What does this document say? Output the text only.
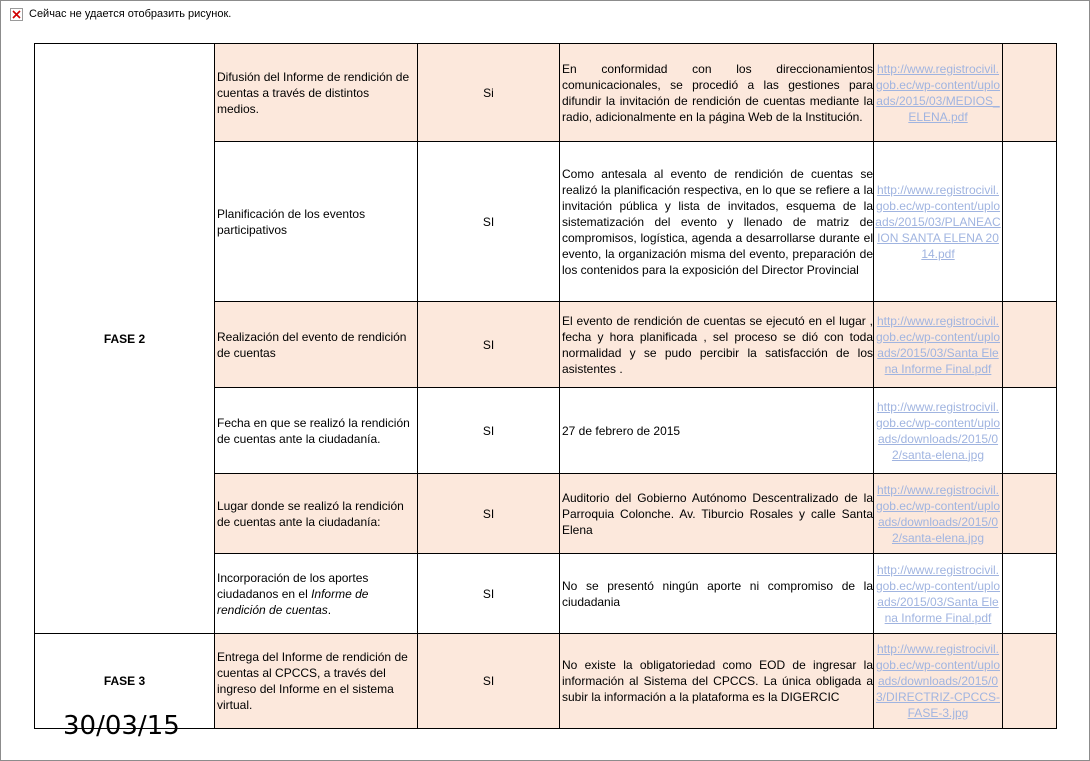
Сейчас не удается отобразить рисунок.
FASE 2	Difusión del Informe de rendición de cuentas a través de distintos medios.	Si	En conformidad con los direccionamientos comunicacionales, se procedió a las gestiones para difundir la invitación de rendición de cuentas mediante la radio, adicionalmente en la página Web de la Institución.	http://www.registrocivil.gob.ec/wp-content/uploads/2015/03/MEDIOS_ELENA.pdf	
	Planificación de los eventos participativos	SI	Como antesala al evento de rendición de cuentas se realizó la planificación respectiva, en lo que se refiere a la invitación pública y lista de invitados, esquema de la sistematización del evento y llenado de matriz de compromisos, logística, agenda a desarrollarse durante el evento, la organización misma del evento, preparación de los contenidos para la exposición del Director Provincial	http://www.registrocivil.gob.ec/wp-content/uploads/2015/03/PLANEACION SANTA ELENA 2014.pdf	
	Realización del evento de rendición de cuentas	SI	El evento de rendición de cuentas se ejecutó en el lugar , fecha y hora planificada , sel proceso se dió con toda normalidad y se pudo percibir la satisfacción de los asistentes .	http://www.registrocivil.gob.ec/wp-content/uploads/2015/03/Santa Elena Informe Final.pdf	
	Fecha en que se realizó la rendición de cuentas ante la ciudadanía.	SI	27 de febrero de 2015	http://www.registrocivil.gob.ec/wp-content/uploads/downloads/2015/02/santa-elena.jpg	
	Lugar donde se realizó la rendición de cuentas ante la ciudadanía:	SI	Auditorio del Gobierno Autónomo Descentralizado de la Parroquia Colonche. Av. Tiburcio Rosales y calle Santa Elena	http://www.registrocivil.gob.ec/wp-content/uploads/downloads/2015/02/santa-elena.jpg	
	Incorporación de los aportes ciudadanos en el Informe de rendición de cuentas.	SI	No se presentó ningún aporte ni compromiso de la ciudadania	http://www.registrocivil.gob.ec/wp-content/uploads/2015/03/Santa Elena Informe Final.pdf	
FASE 3	Entrega del Informe de rendición de cuentas al CPCCS, a través del ingreso del Informe en el sistema virtual.	SI	No existe la obligatoriedad como EOD de ingresar la información al Sistema del CPCCS. La única obligada a subir la información a la plataforma es la DIGERCIC	http://www.registrocivil.gob.ec/wp-content/uploads/downloads/2015/03/DIRECTRIZ-CPCCS-FASE-3.jpg	
30/03/15
